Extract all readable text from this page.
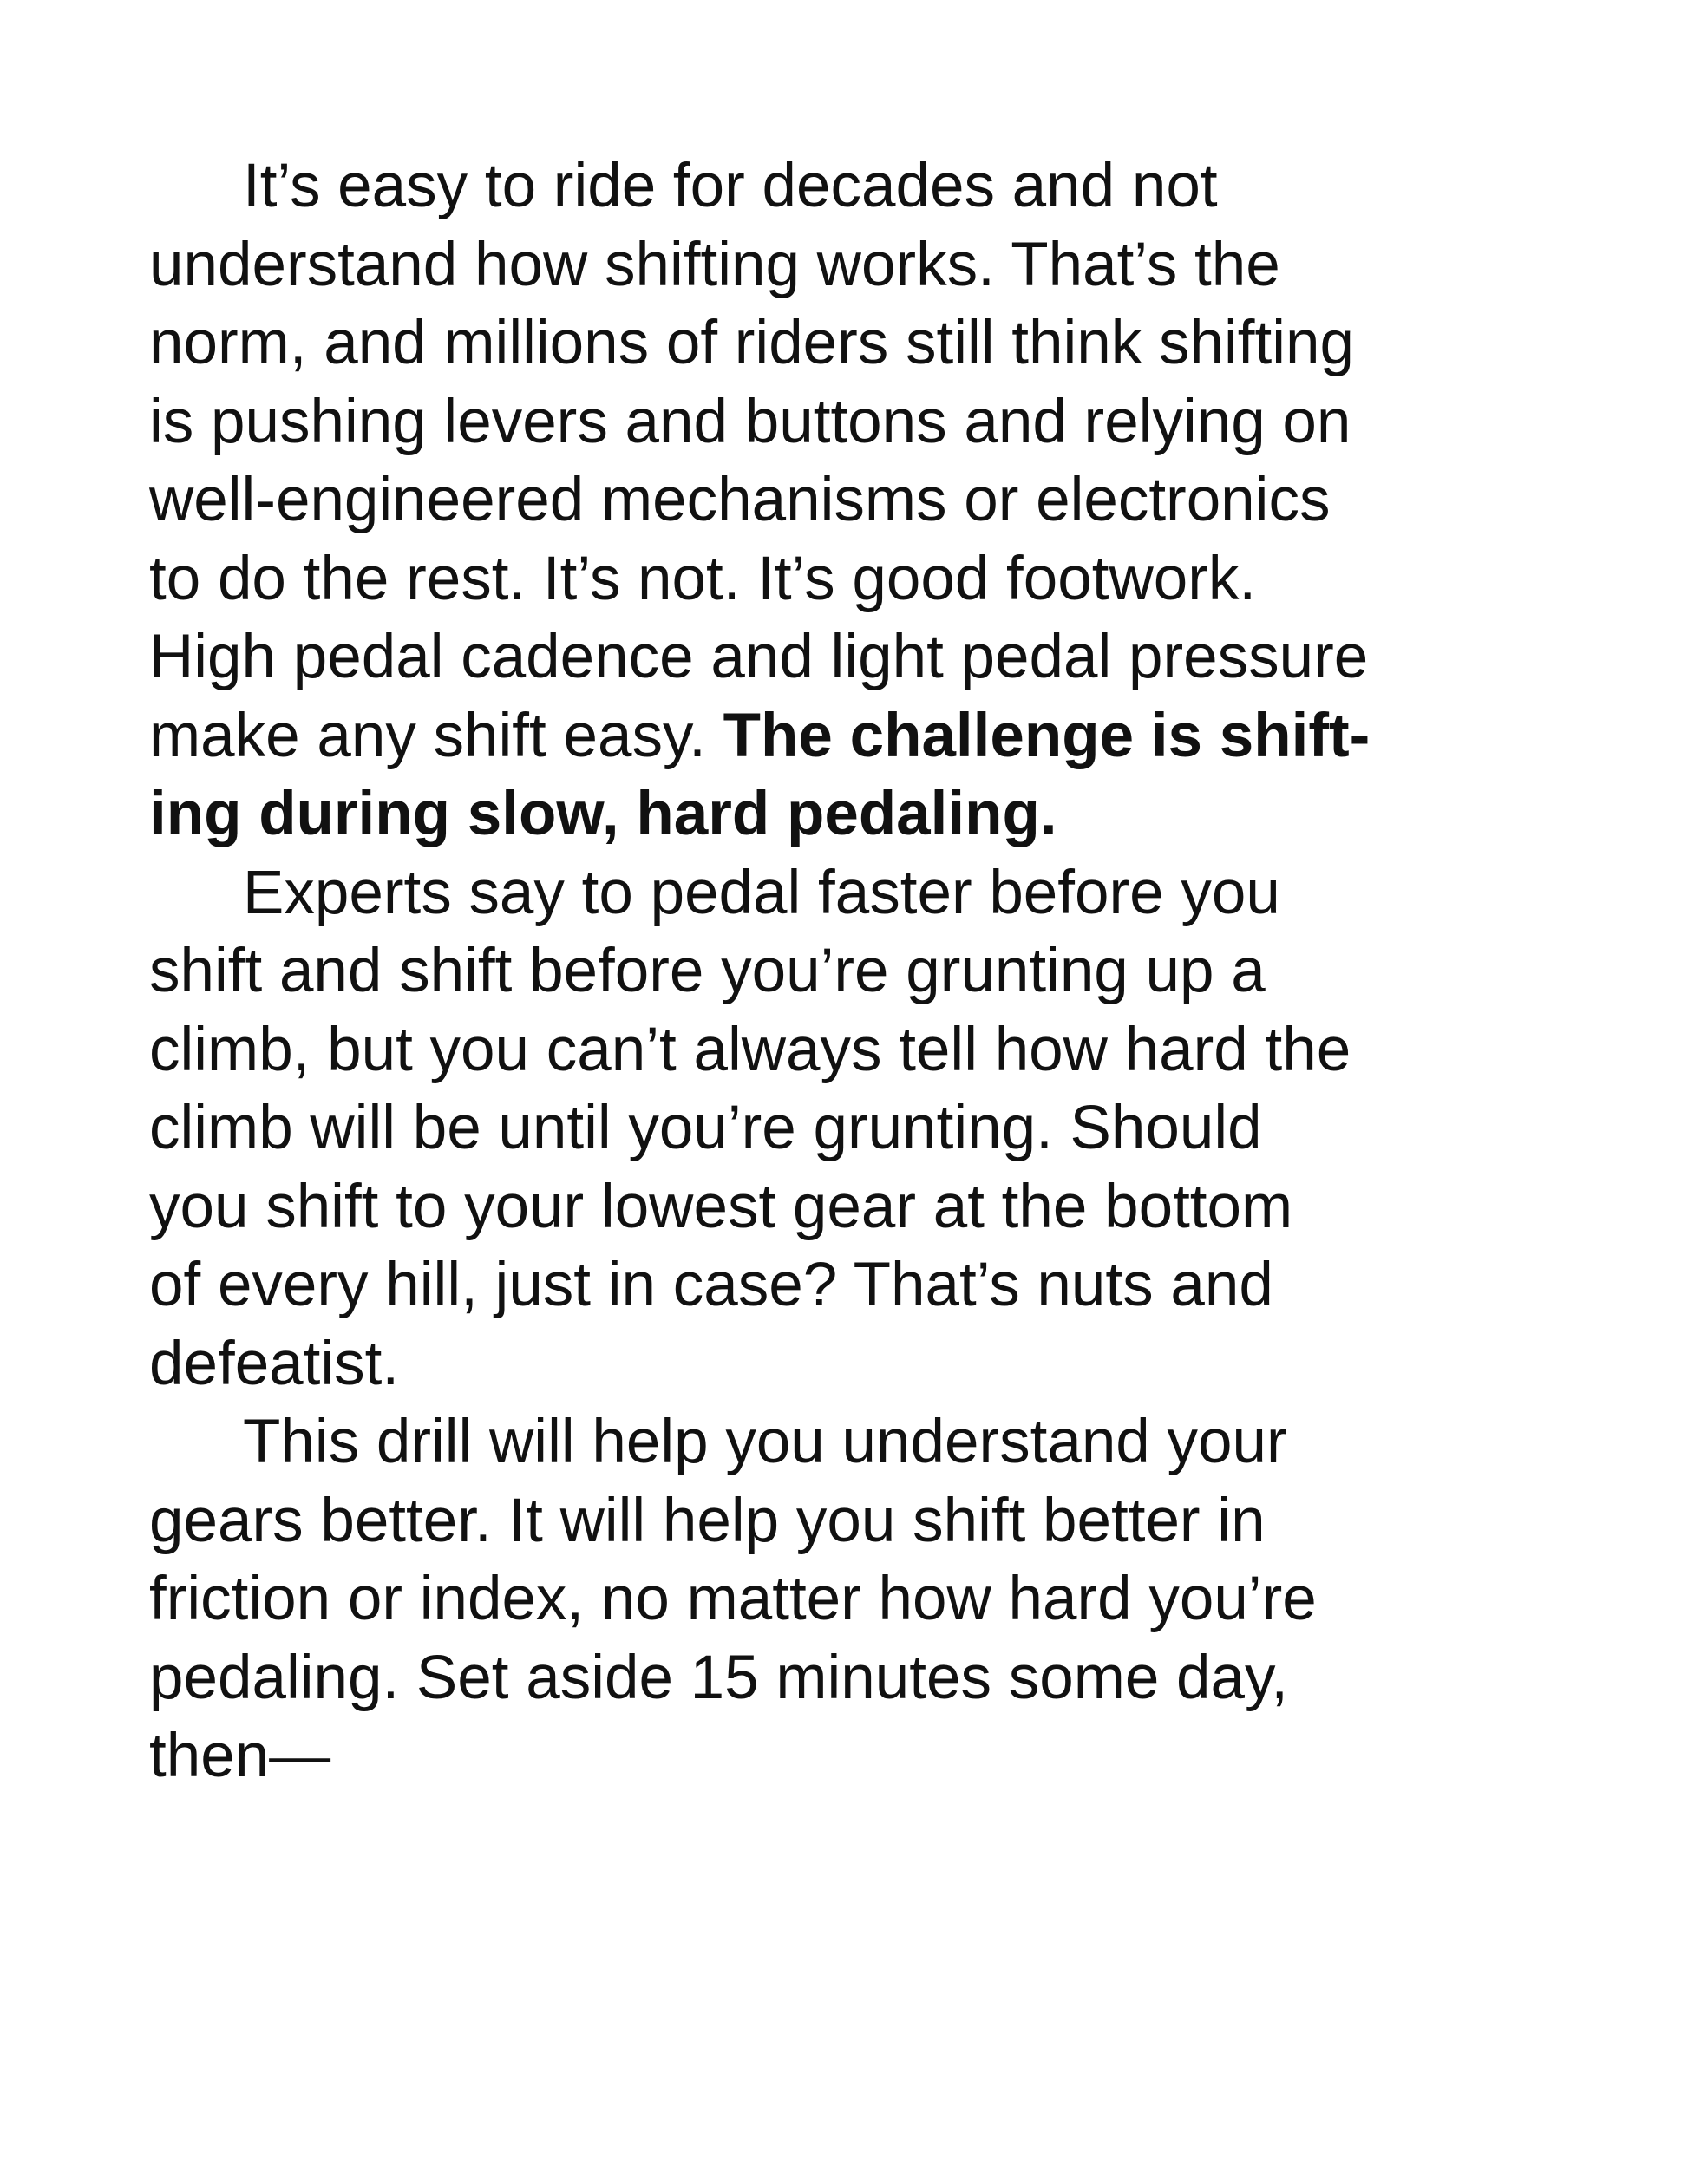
It’s easy to ride for decades and not
understand how shifting works. That’s the
norm, and millions of riders still think shifting
is pushing levers and buttons and relying on
well-engineered mechanisms or electronics
to do the rest. It’s not. It’s good footwork.
High pedal cadence and light pedal pressure
make any shift easy. The challenge is shift-
ing during slow, hard pedaling.
Experts say to pedal faster before you
shift and shift before you’re grunting up a
climb, but you can’t always tell how hard the
climb will be until you’re grunting. Should
you shift to your lowest gear at the bottom
of every hill, just in case? That’s nuts and
defeatist.
This drill will help you understand your
gears better. It will help you shift better in
friction or index, no matter how hard you’re
pedaling. Set aside 15 minutes some day,
then—
